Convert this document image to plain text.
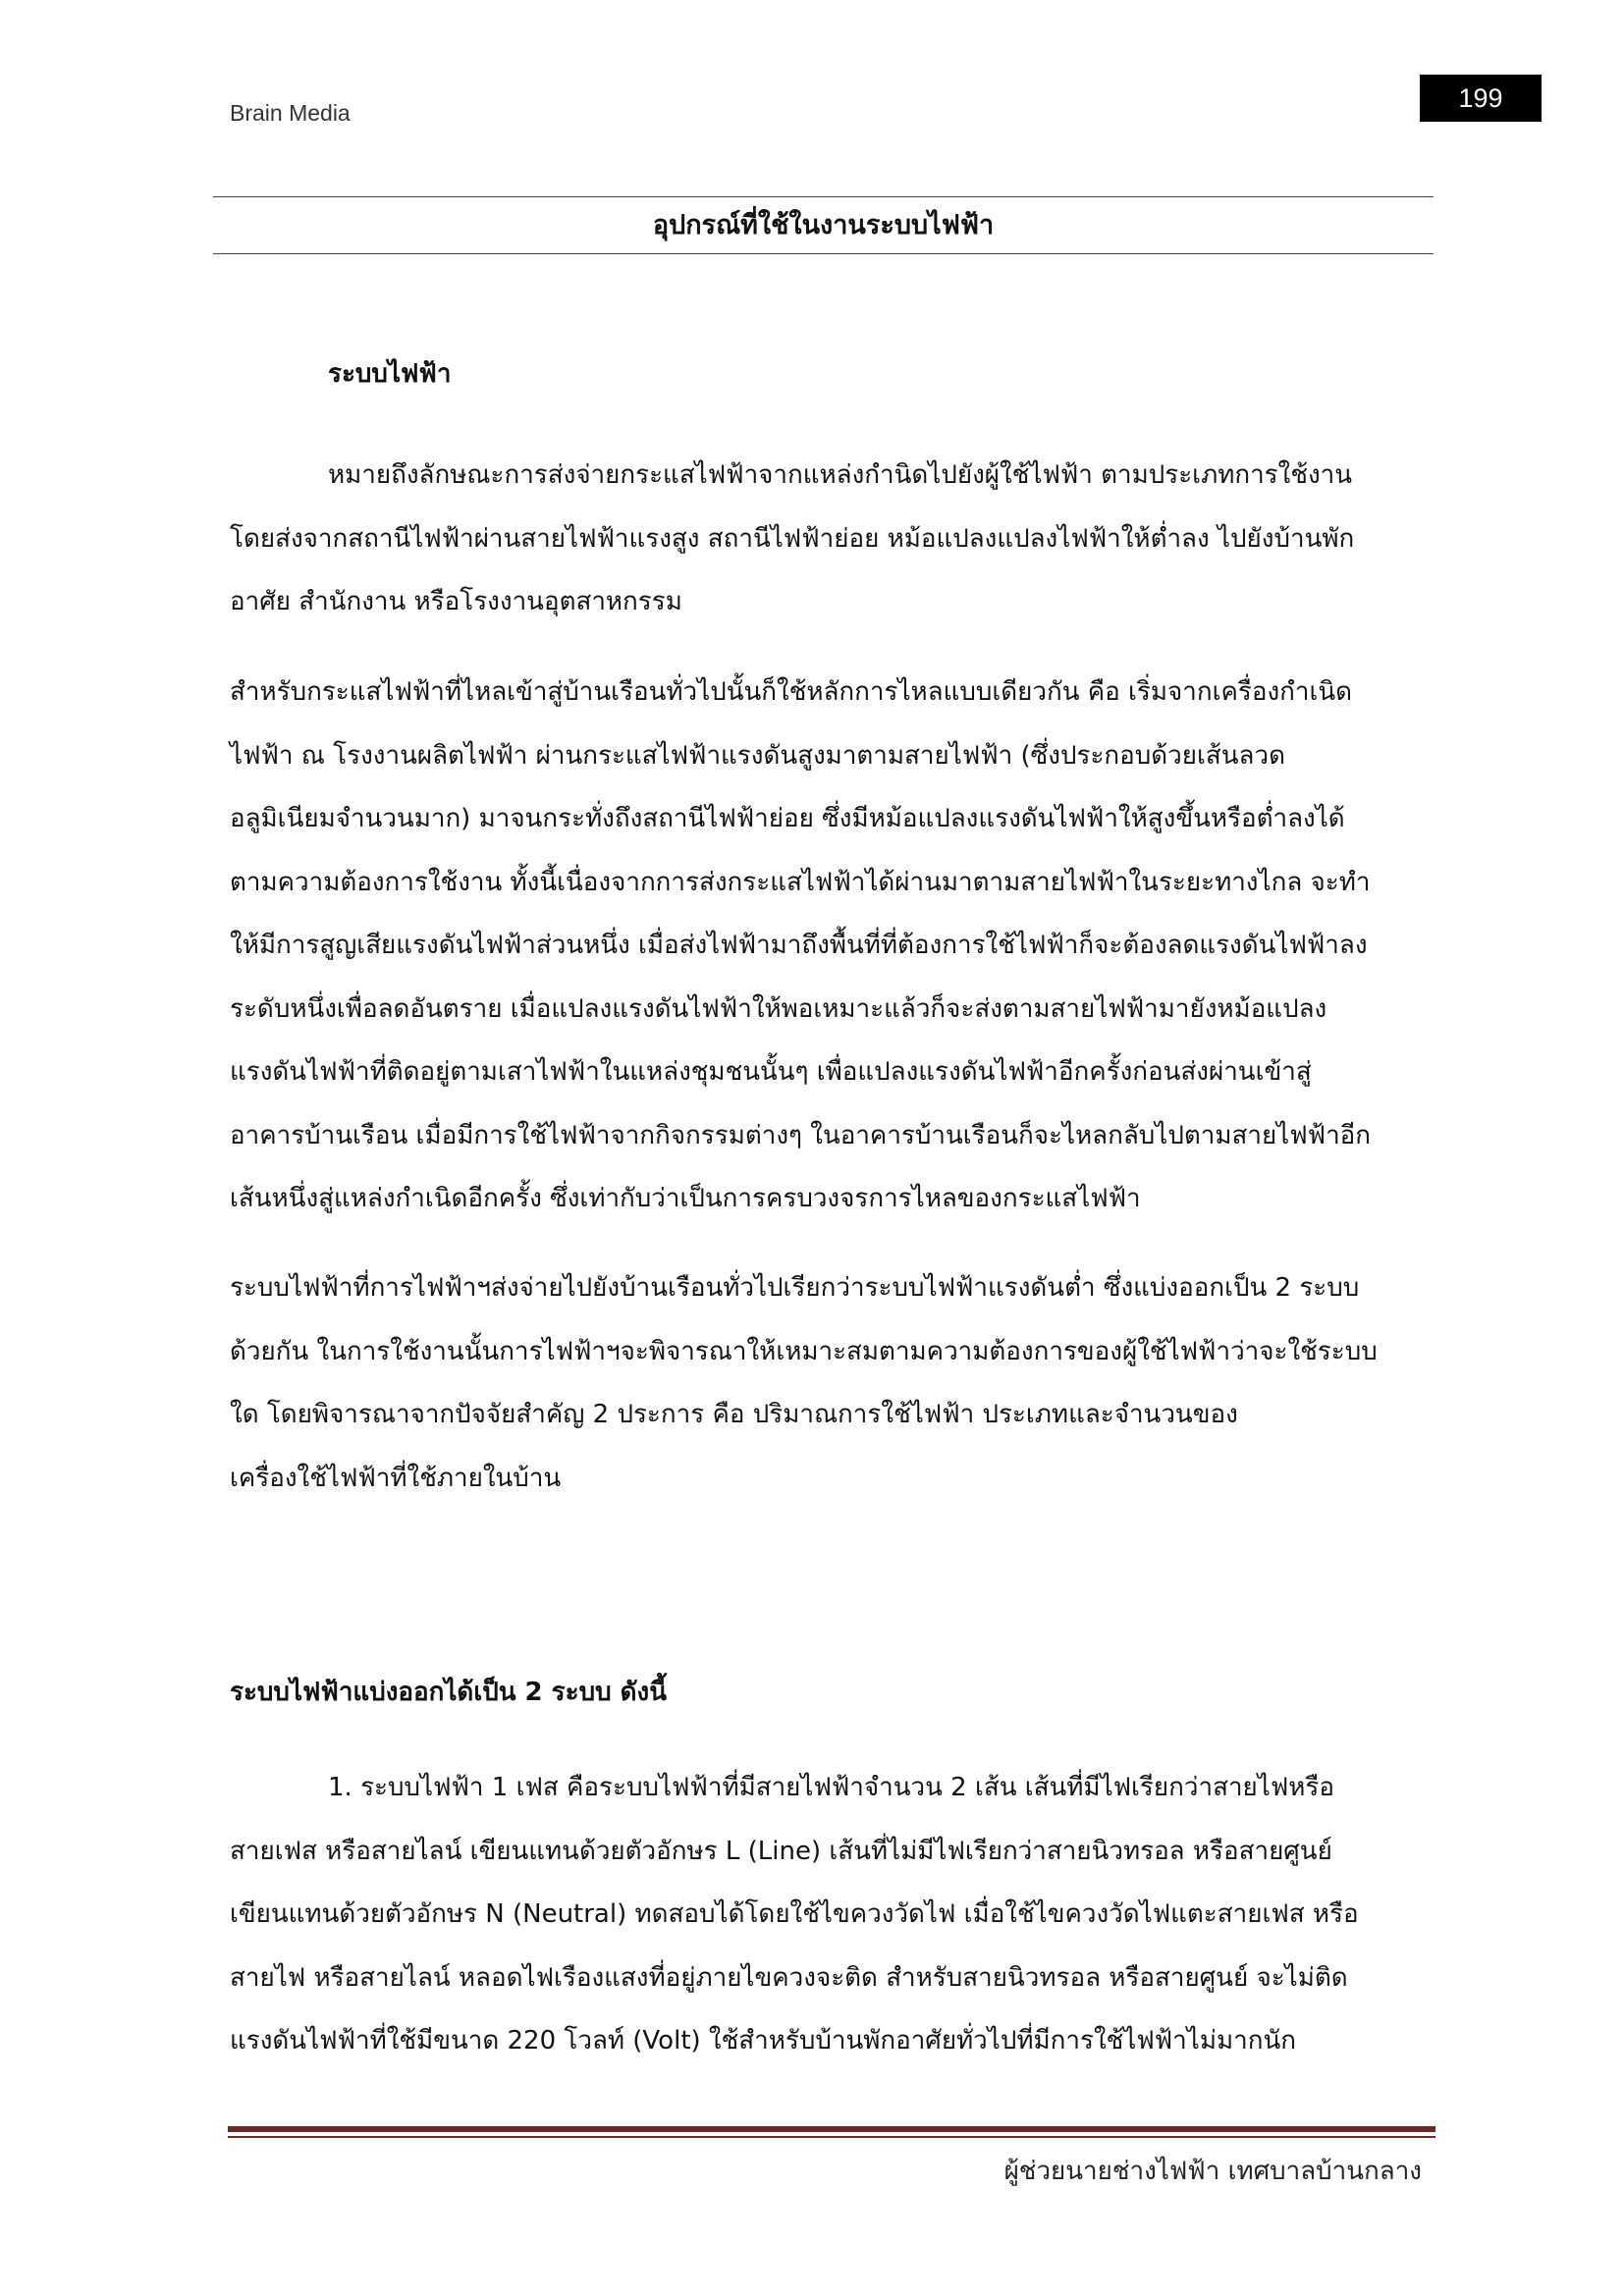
Brain Media	199
อุปกรณ์ที่ใช้ในงานระบบไฟฟ้า
ระบบไฟฟ้า
หมายถึงลักษณะการส่งจ่ายกระแสไฟฟ้าจากแหล่งกำนิดไปยังผู้ใช้ไฟฟ้า ตามประเภทการใช้งาน
โดยส่งจากสถานีไฟฟ้าผ่านสายไฟฟ้าแรงสูง สถานีไฟฟ้าย่อย หม้อแปลงแปลงไฟฟ้าให้ต่ำลง ไปยังบ้านพัก
อาศัย สำนักงาน หรือโรงงานอุตสาหกรรม
สำหรับกระแสไฟฟ้าที่ไหลเข้าสู่บ้านเรือนทั่วไปนั้นก็ใช้หลักการไหลแบบเดียวกัน คือ เริ่มจากเครื่องกำเนิด
ไฟฟ้า ณ โรงงานผลิตไฟฟ้า ผ่านกระแสไฟฟ้าแรงดันสูงมาตามสายไฟฟ้า (ซึ่งประกอบด้วยเส้นลวด
อลูมิเนียมจำนวนมาก) มาจนกระทั่งถึงสถานีไฟฟ้าย่อย ซึ่งมีหม้อแปลงแรงดันไฟฟ้าให้สูงขึ้นหรือต่ำลงได้
ตามความต้องการใช้งาน ทั้งนี้เนื่องจากการส่งกระแสไฟฟ้าได้ผ่านมาตามสายไฟฟ้าในระยะทางไกล จะทำ
ให้มีการสูญเสียแรงดันไฟฟ้าส่วนหนึ่ง เมื่อส่งไฟฟ้ามาถึงพื้นที่ที่ต้องการใช้ไฟฟ้าก็จะต้องลดแรงดันไฟฟ้าลง
ระดับหนึ่งเพื่อลดอันตราย เมื่อแปลงแรงดันไฟฟ้าให้พอเหมาะแล้วก็จะส่งตามสายไฟฟ้ามายังหม้อแปลง
แรงดันไฟฟ้าที่ติดอยู่ตามเสาไฟฟ้าในแหล่งชุมชนนั้นๆ เพื่อแปลงแรงดันไฟฟ้าอีกครั้งก่อนส่งผ่านเข้าสู่
อาคารบ้านเรือน เมื่อมีการใช้ไฟฟ้าจากกิจกรรมต่างๆ ในอาคารบ้านเรือนก็จะไหลกลับไปตามสายไฟฟ้าอีก
เส้นหนึ่งสู่แหล่งกำเนิดอีกครั้ง ซึ่งเท่ากับว่าเป็นการครบวงจรการไหลของกระแสไฟฟ้า
ระบบไฟฟ้าที่การไฟฟ้าฯส่งจ่ายไปยังบ้านเรือนทั่วไปเรียกว่าระบบไฟฟ้าแรงดันต่ำ ซึ่งแบ่งออกเป็น 2 ระบบ
ด้วยกัน ในการใช้งานนั้นการไฟฟ้าฯจะพิจารณาให้เหมาะสมตามความต้องการของผู้ใช้ไฟฟ้าว่าจะใช้ระบบ
ใด โดยพิจารณาจากปัจจัยสำคัญ 2 ประการ คือ ปริมาณการใช้ไฟฟ้า ประเภทและจำนวนของ
เครื่องใช้ไฟฟ้าที่ใช้ภายในบ้าน
ระบบไฟฟ้าแบ่งออกได้เป็น 2 ระบบ ดังนี้
1. ระบบไฟฟ้า 1 เฟส คือระบบไฟฟ้าที่มีสายไฟฟ้าจำนวน 2 เส้น เส้นที่มีไฟเรียกว่าสายไฟหรือ
สายเฟส หรือสายไลน์ เขียนแทนด้วยตัวอักษร L (Line) เส้นที่ไม่มีไฟเรียกว่าสายนิวทรอล หรือสายศูนย์
เขียนแทนด้วยตัวอักษร N (Neutral) ทดสอบได้โดยใช้ไขควงวัดไฟ เมื่อใช้ไขควงวัดไฟแตะสายเฟส หรือ
สายไฟ หรือสายไลน์ หลอดไฟเรืองแสงที่อยู่ภายไขควงจะติด สำหรับสายนิวทรอล หรือสายศูนย์ จะไม่ติด
แรงดันไฟฟ้าที่ใช้มีขนาด 220 โวลท์ (Volt) ใช้สำหรับบ้านพักอาศัยทั่วไปที่มีการใช้ไฟฟ้าไม่มากนัก
ผู้ช่วยนายช่างไฟฟ้า เทศบาลบ้านกลาง
